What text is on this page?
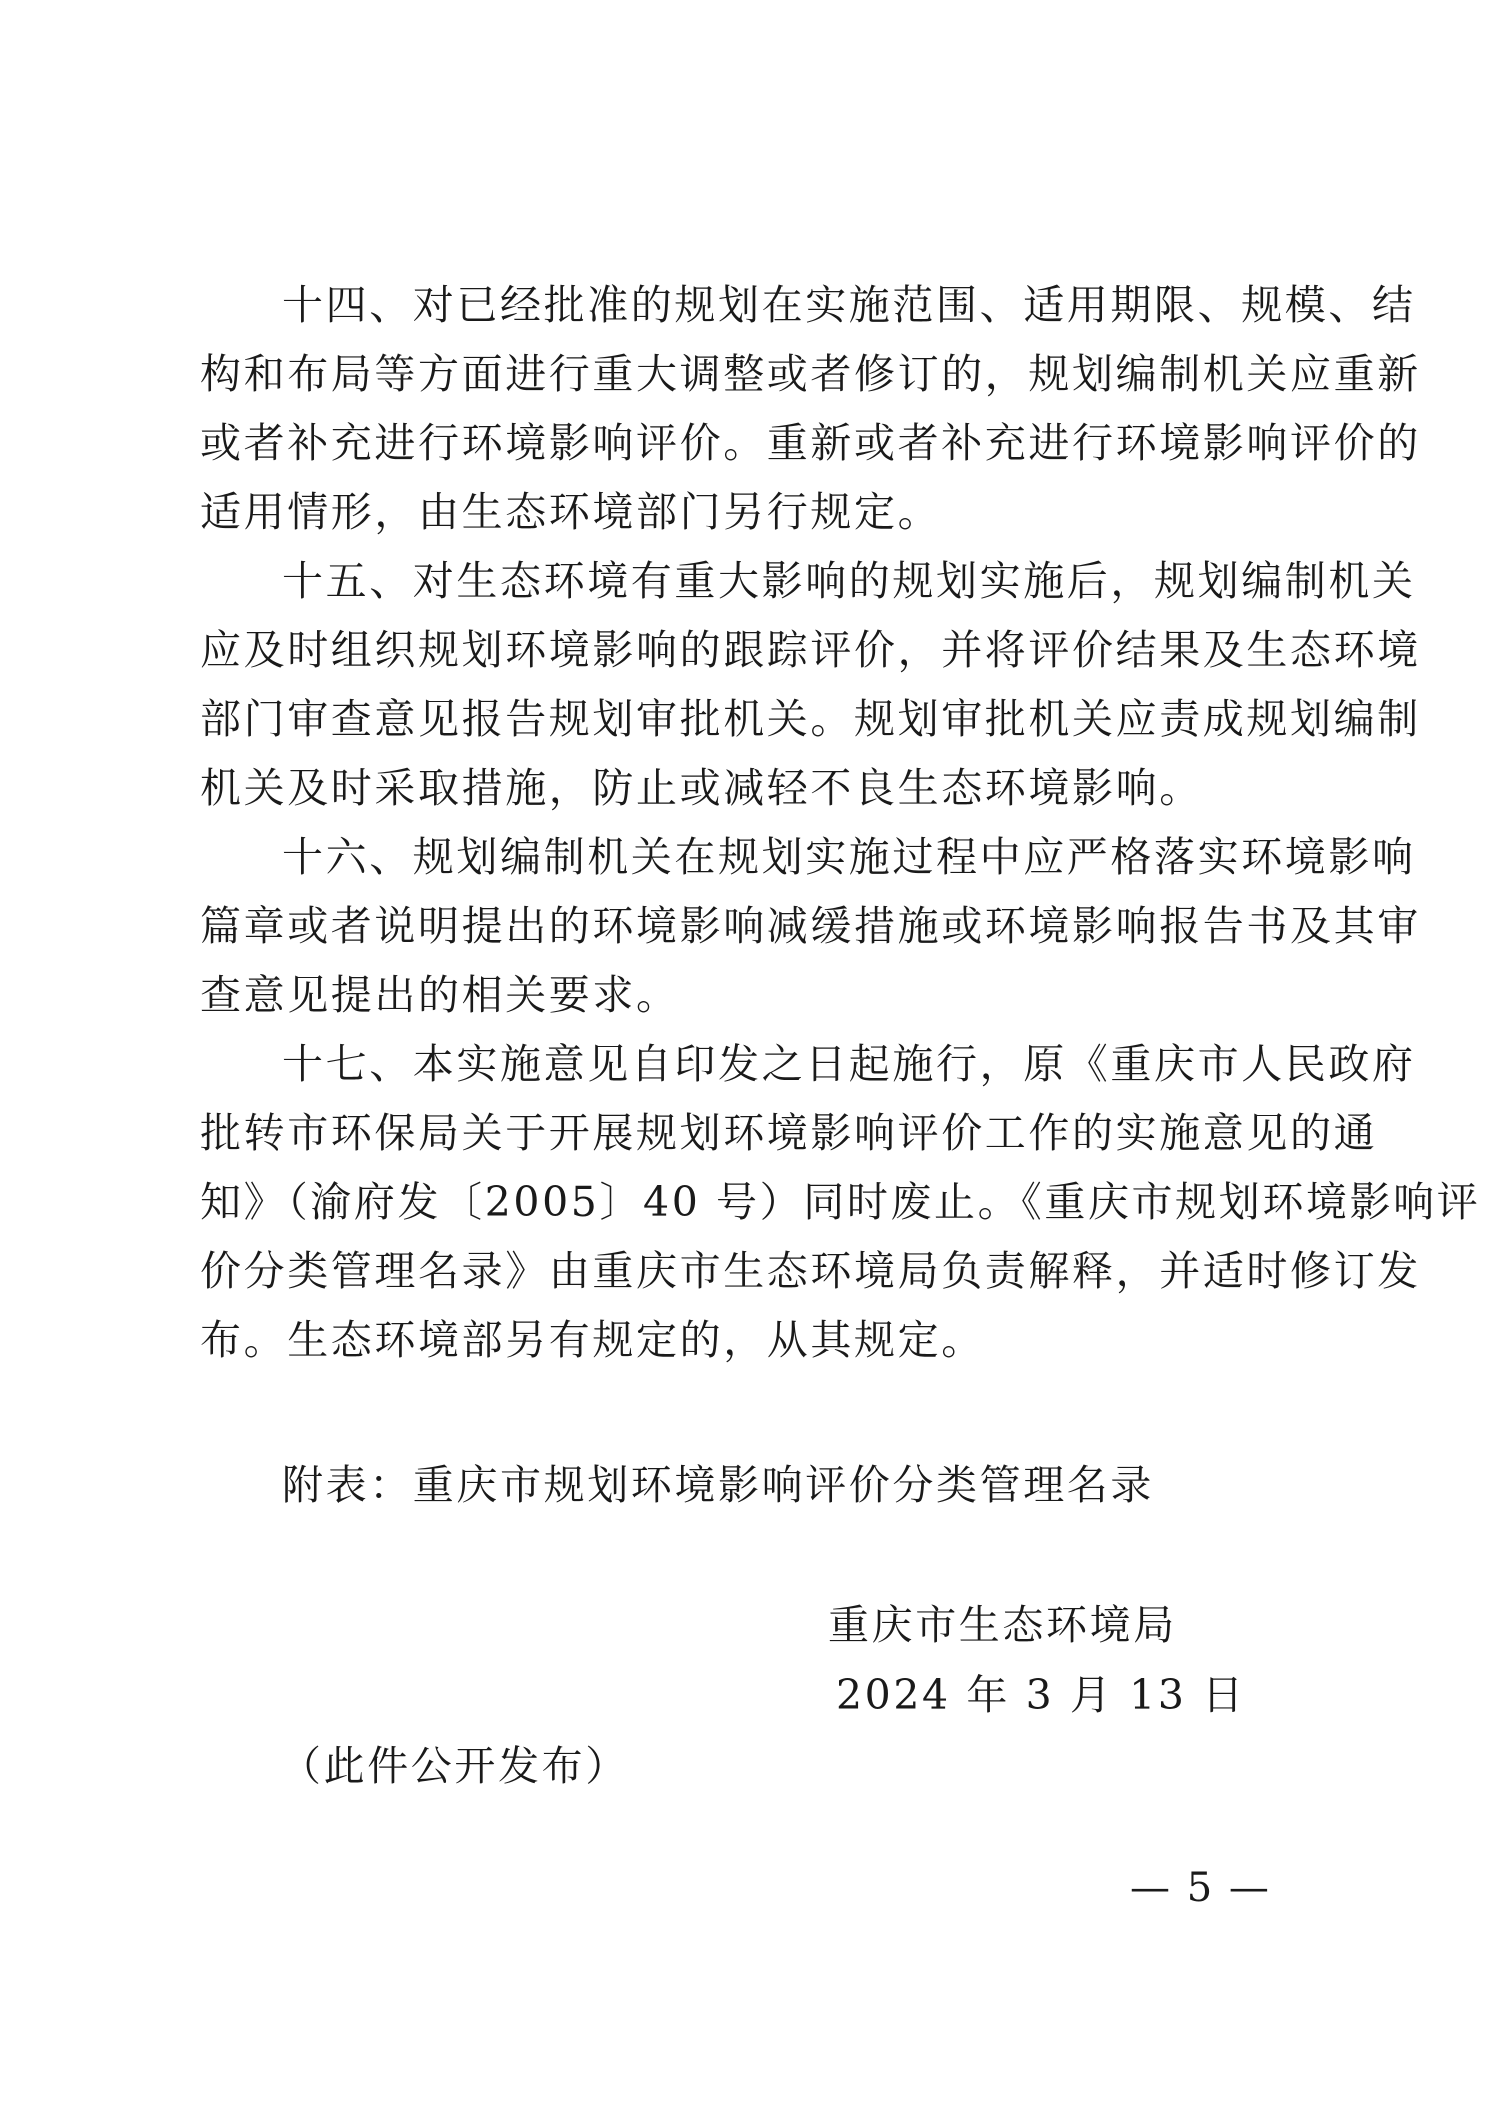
十四、对已经批准的规划在实施范围、适用期限、规模、结
构和布局等方面进行重大调整或者修订的，规划编制机关应重新
或者补充进行环境影响评价。重新或者补充进行环境影响评价的
适用情形，由生态环境部门另行规定。
十五、对生态环境有重大影响的规划实施后，规划编制机关
应及时组织规划环境影响的跟踪评价，并将评价结果及生态环境
部门审查意见报告规划审批机关。规划审批机关应责成规划编制
机关及时采取措施，防止或减轻不良生态环境影响。
十六、规划编制机关在规划实施过程中应严格落实环境影响
篇章或者说明提出的环境影响减缓措施或环境影响报告书及其审
查意见提出的相关要求。
十七、本实施意见自印发之日起施行，原《重庆市人民政府
批转市环保局关于开展规划环境影响评价工作的实施意见的通
知》（渝府发〔2005〕40 号）同时废止。《重庆市规划环境影响评
价分类管理名录》由重庆市生态环境局负责解释，并适时修订发
布。生态环境部另有规定的，从其规定。
附表：重庆市规划环境影响评价分类管理名录
重庆市生态环境局
2024 年 3 月 13 日
（此件公开发布）
— 5 —
